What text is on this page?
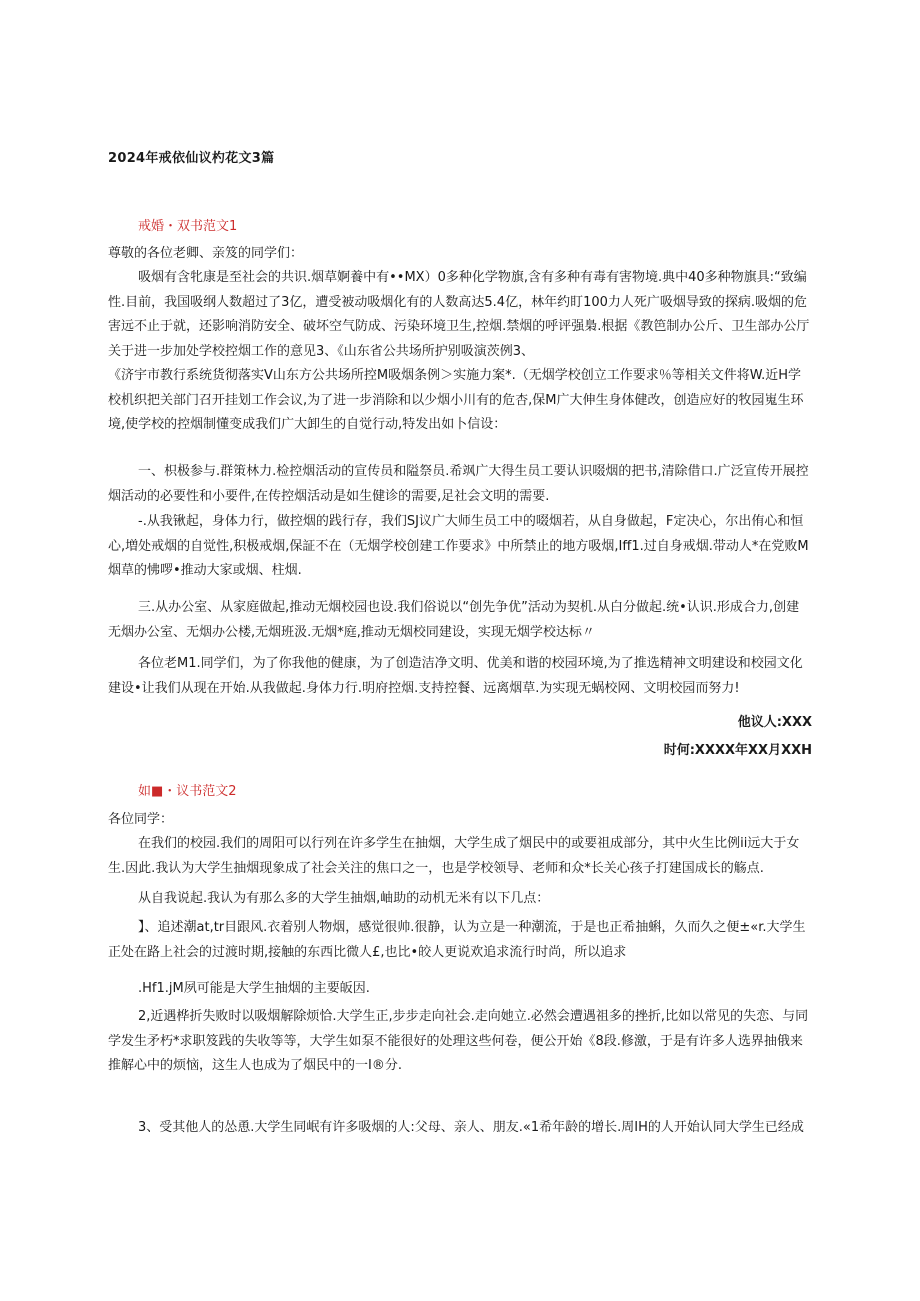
2024年戒依仙议杓花文3篇
戒婚・双书范文1
尊敬的各位老卿、亲笈的同学们：
吸烟有含牝康是至社会的共识.烟草婀養中有••MX）0多种化学物旗,含有多种有毒有害物境.典中40多种物旗具:“致编
性.目前，我国吸纲人数超过了3亿，遭受被动吸烟化有的人数高达5.4亿，林年约盯100力人死广吸烟导致的探病.吸烟的危
害远不止于就，还影响消防安全、破坏空气防成、污染环境卫生,控烟.禁烟的呼评强梟.根据《教笆制办公斤、卫生部办公厅
关于进一步加处学校控烟工作的意见3、《山东省公共场所护别吸演茨例3、
《济宇市教行系统货彻落实V山东方公共场所控M吸烟条例＞实施力案*.（无烟学校创立工作要求％等相关文件将W.近H学
校机织把关部门召开挂划工作会议,为了进一步消除和以少烟小川有的危杏,保M广大伸生身体健改，创造应好的牧园嵬生环
境,使学校的控烟制懂变成我们广大卸生的自觉行动,特发出如卜信设：
一、枳极参与.群策林力.检控烟活动的宣传员和隘祭员.希飒广大得生员工要认识啜烟的把书,清除借口.广泛宣传开展控
烟活动的必要性和小要件,在传控烟活动是如生健诊的需要,足社会文明的需要.
-.从我锹起，身体力行，做控烟的践行存，我们SJ议广大师生员工中的啜烟若，从自身做起，F定决心，尔出侑心和恒
心,増处戒烟的自觉性,积极戒烟,保証不在（无烟学校创建工作要求》中所禁止的地方吸烟,Iff1.过自身戒烟.带动人*在党败M
烟草的怫啰•推动大家或烟、柱烟.
三.从办公室、从家庭做起,推动无烟校园也设.我们俗说以“创先争优”活动为契机.从白分做起.统•认识.形成合力,创建
无烟办公室、无烟办公楼,无烟班汲.无烟*庭,推动无烟校同建设，实现无烟学校达标〃
各位老M1.同学们，为了你我他的健康，为了创造洁净文明、优美和谐的校园环境,为了推选精神文明建设和校园文化
建设•让我们从现在开始.从我做起.身体力行.明府控烟.支持控餐、远离烟草.为实现无蜗校网、文明校园而努力!
他议人:XXX
时何:XXXX年XX月XXH
如■・议书范文2
各位同学：
在我们的校园.我们的周阳可以行列在许多学生在抽烟，大学生成了烟民中的或要祖成部分，其中火生比例ii远大于女
生.因此.我认为大学生抽烟现象成了社会关注的焦口之一，也是学校领导、老师和众*长关心孩子打建国成长的觞点.
从自我说起.我认为有那么多的大学生抽烟,岫助的动机无米有以下几点：
】、追述潮at,tr目跟风.衣着别人物烟，感觉很帅.很静，认为立是一种潮流，于是也正希抽蝌，久而久之便±«r.大学生
正处在路上社会的过渡时期,接触的东西比微人£,也比•皎人更说欢追求流行时尚，所以追求
.Hf1.jM夙可能是大学生抽烟的主要皈因.
2,近遇桦折失败时以吸烟解除烦恰.大学生正,步步走向社会.走向她立.必然会遭遇祖多的挫折,比如以常见的失恋、与同
学发生矛朽*求职笈践的失收等等，大学生如泵不能很好的处理这些何卷，便公开始《8段.修激，于是有许多人选界抽俄来
推解心中的烦恼，这生人也成为了烟民中的一I®分.
3、受其他人的怂恿.大学生同岷有许多吸烟的人:父母、亲人、朋友.«1希年龄的增长.周IH的人开始认同大学生已经成
